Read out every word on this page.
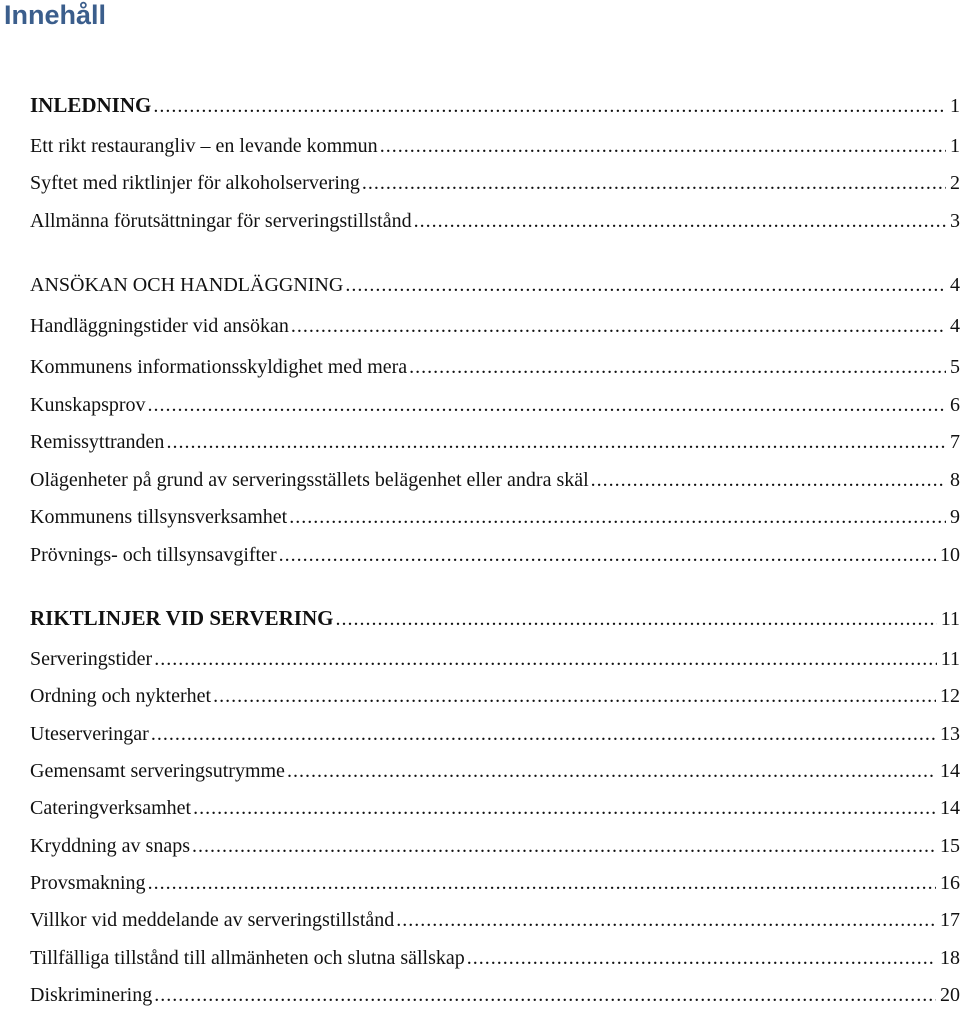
Innehåll
INLEDNING .....	1
Ett rikt restaurangliv – en levande kommun .....	1
Syftet med riktlinjer för alkoholservering .....	2
Allmänna förutsättningar för serveringstillstånd .....	3
ANSÖKAN OCH HANDLÄGGNING .....	4
Handläggningstider vid ansökan .....	4
Kommunens informationsskyldighet med mera .....	5
Kunskapsprov .....	6
Remissyttranden .....	7
Olägenheter på grund av serveringsställets belägenhet eller andra skäl .....	8
Kommunens tillsynsverksamhet .....	9
Prövnings- och tillsynsavgifter .....	10
RIKTLINJER VID SERVERING .....	11
Serveringstider .....	11
Ordning och nykterhet .....	12
Uteserveringar .....	13
Gemensamt serveringsutrymme .....	14
Cateringverksamhet .....	14
Kryddning av snaps .....	15
Provsmakning .....	16
Villkor vid meddelande av serveringstillstånd .....	17
Tillfälliga tillstånd till allmänheten och slutna sällskap .....	18
Diskriminering .....	20
